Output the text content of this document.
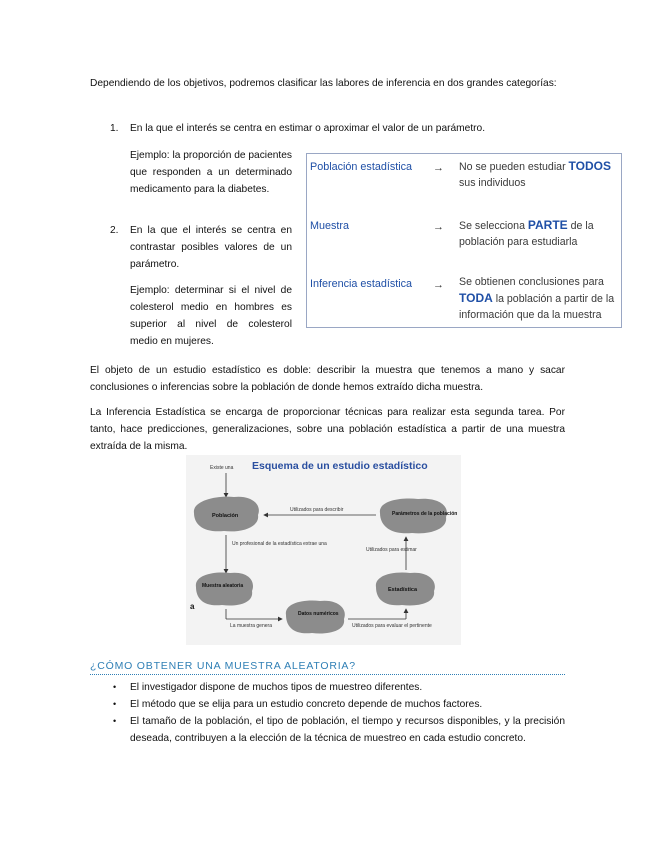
Dependiendo de los objetivos, podremos clasificar las labores de inferencia en dos grandes categorías:
1. En la que el interés se centra en estimar o aproximar el valor de un parámetro.
Ejemplo: la proporción de pacientes que responden a un determinado medicamento para la diabetes.
2. En la que el interés se centra en contrastar posibles valores de un parámetro.
Ejemplo: determinar si el nivel de colesterol medio en hombres es superior al nivel de colesterol medio en mujeres.
Población estadística → No se pueden estudiar TODOS sus individuos
Muestra	→ Se selecciona PARTE de la población para estudiarla
Inferencia estadística → Se obtienen conclusiones para TODA la población a partir de la información que da la muestra
El objeto de un estudio estadístico es doble: describir la muestra que tenemos a mano y sacar conclusiones o inferencias sobre la población de donde hemos extraído dicha muestra.
La Inferencia Estadística se encarga de proporcionar técnicas para realizar esta segunda tarea. Por tanto, hace predicciones, generalizaciones, sobre una población estadística a partir de una muestra extraída de la misma.
Esquema de un estudio estadístico
Existe una
Población	Parámetros de la población
Utilizados para describir
Un profesional de la estadística extrae una
Muestra aleatoria
Estadística
Utilizados para estimar
Datos numéricos
La muestra genera	Utilizados para evaluar el pertinente
a
¿CÓMO OBTENER UNA MUESTRA ALEATORIA?
• El investigador dispone de muchos tipos de muestreo diferentes.
• El método que se elija para un estudio concreto depende de muchos factores.
• El tamaño de la población, el tipo de población, el tiempo y recursos disponibles, y la precisión deseada, contribuyen a la elección de la técnica de muestreo en cada estudio concreto.
